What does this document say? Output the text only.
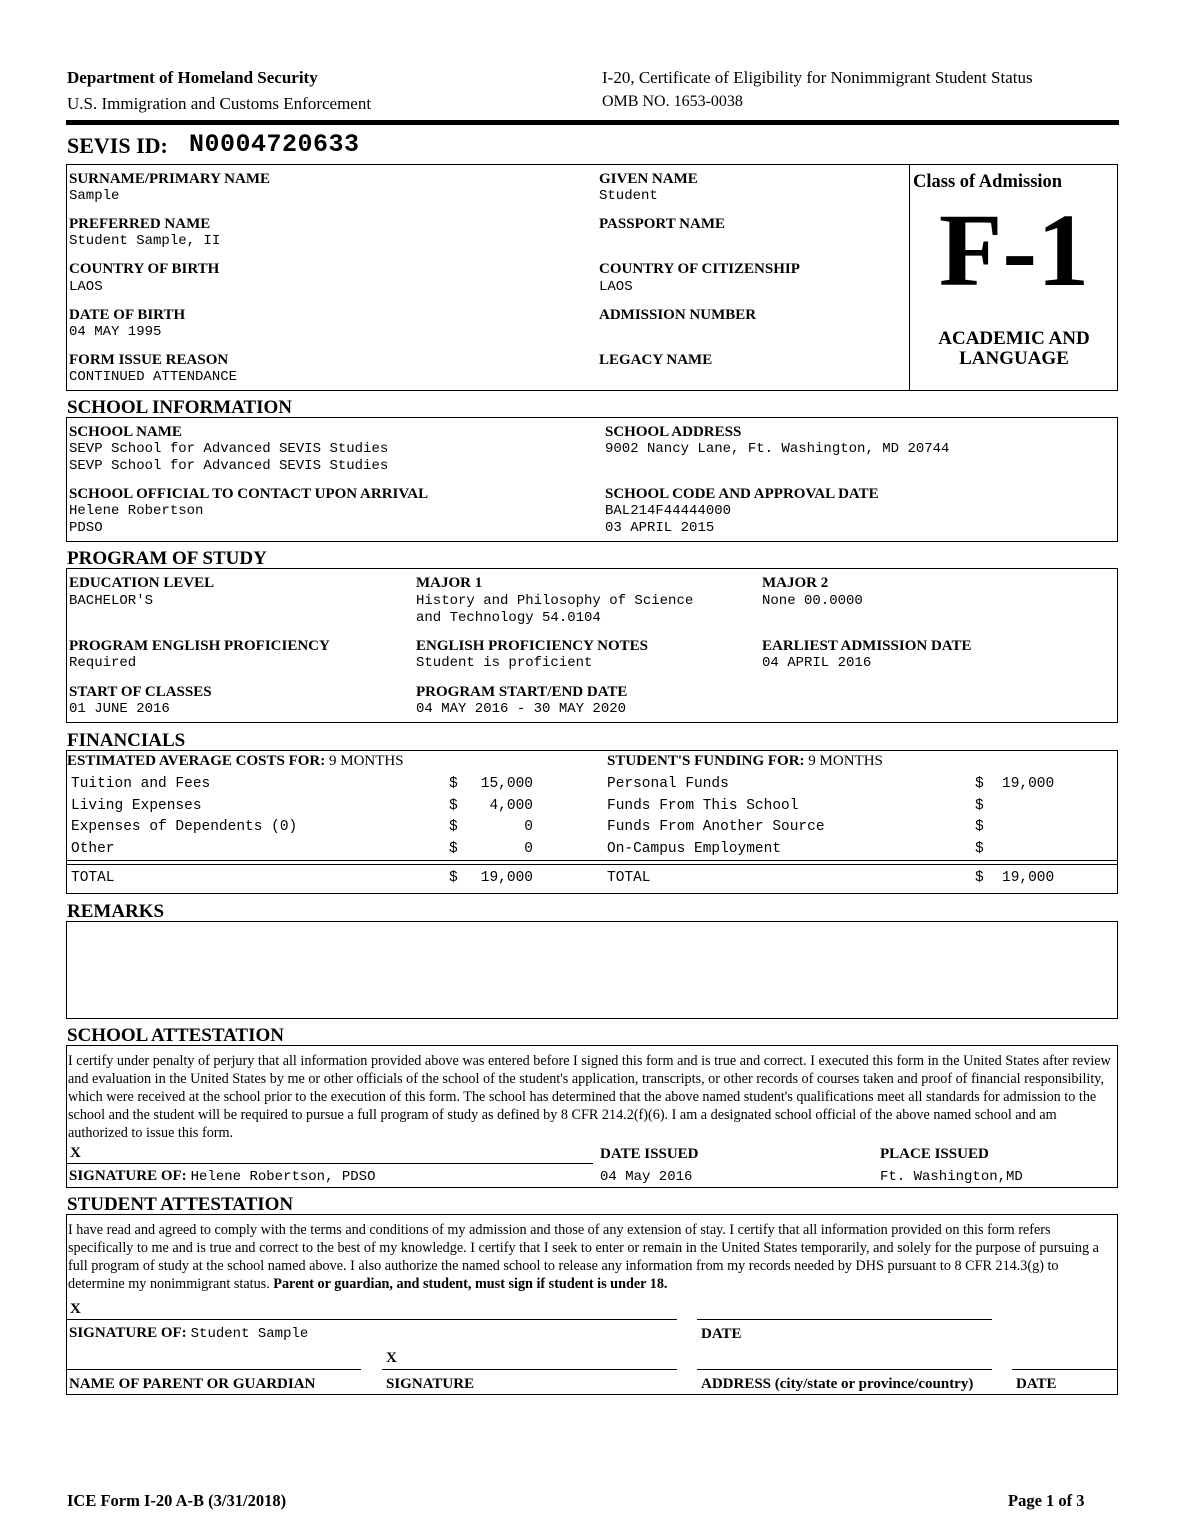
Department of Homeland Security
U.S. Immigration and Customs Enforcement
I-20, Certificate of Eligibility for Nonimmigrant Student Status
OMB NO. 1653-0038
SEVIS ID: N0004720633
SURNAME/PRIMARY NAME
Sample
GIVEN NAME
Student
PREFERRED NAME
Student Sample, II
PASSPORT NAME
COUNTRY OF BIRTH
LAOS
COUNTRY OF CITIZENSHIP
LAOS
DATE OF BIRTH
04 MAY 1995
ADMISSION NUMBER
FORM ISSUE REASON
CONTINUED ATTENDANCE
LEGACY NAME
Class of Admission
F-1
ACADEMIC AND
LANGUAGE
SCHOOL INFORMATION
SCHOOL NAME
SEVP School for Advanced SEVIS Studies
SEVP School for Advanced SEVIS Studies
SCHOOL ADDRESS
9002 Nancy Lane, Ft. Washington, MD 20744
SCHOOL OFFICIAL TO CONTACT UPON ARRIVAL
Helene Robertson
PDSO
SCHOOL CODE AND APPROVAL DATE
BAL214F44444000
03 APRIL 2015
PROGRAM OF STUDY
EDUCATION LEVEL
BACHELOR'S
MAJOR 1
History and Philosophy of Science
and Technology 54.0104
MAJOR 2
None 00.0000
PROGRAM ENGLISH PROFICIENCY
Required
ENGLISH PROFICIENCY NOTES
Student is proficient
EARLIEST ADMISSION DATE
04 APRIL 2016
START OF CLASSES
01 JUNE 2016
PROGRAM START/END DATE
04 MAY 2016 - 30 MAY 2020
FINANCIALS
ESTIMATED AVERAGE COSTS FOR: 9 MONTHS	STUDENT'S FUNDING FOR: 9 MONTHS
Tuition and Fees	$	15,000
Living Expenses	$	4,000
Expenses of Dependents (0)	$	0
Other	$	0
Personal Funds	$ 19,000
Funds From This School	$
Funds From Another Source	$
On-Campus Employment	$
TOTAL	$	19,000	TOTAL	$ 19,000
REMARKS
SCHOOL ATTESTATION
I certify under penalty of perjury that all information provided above was entered before I signed this form and is true and correct. I executed this form in the United States after review and evaluation in the United States by me or other officials of the school of the student's application, transcripts, or other records of courses taken and proof of financial responsibility, which were received at the school prior to the execution of this form. The school has determined that the above named student's qualifications meet all standards for admission to the school and the student will be required to pursue a full program of study as defined by 8 CFR 214.2(f)(6). I am a designated school official of the above named school and am authorized to issue this form.
X
SIGNATURE OF: Helene Robertson, PDSO
DATE ISSUED
04 May 2016
PLACE ISSUED
Ft. Washington,MD
STUDENT ATTESTATION
I have read and agreed to comply with the terms and conditions of my admission and those of any extension of stay. I certify that all information provided on this form refers specifically to me and is true and correct to the best of my knowledge. I certify that I seek to enter or remain in the United States temporarily, and solely for the purpose of pursuing a full program of study at the school named above. I also authorize the named school to release any information from my records needed by DHS pursuant to 8 CFR 214.3(g) to determine my nonimmigrant status. Parent or guardian, and student, must sign if student is under 18.
X
SIGNATURE OF: Student Sample	DATE
X
NAME OF PARENT OR GUARDIAN	SIGNATURE	ADDRESS (city/state or province/country)	DATE
ICE Form I-20 A-B (3/31/2018)	Page 1 of 3
